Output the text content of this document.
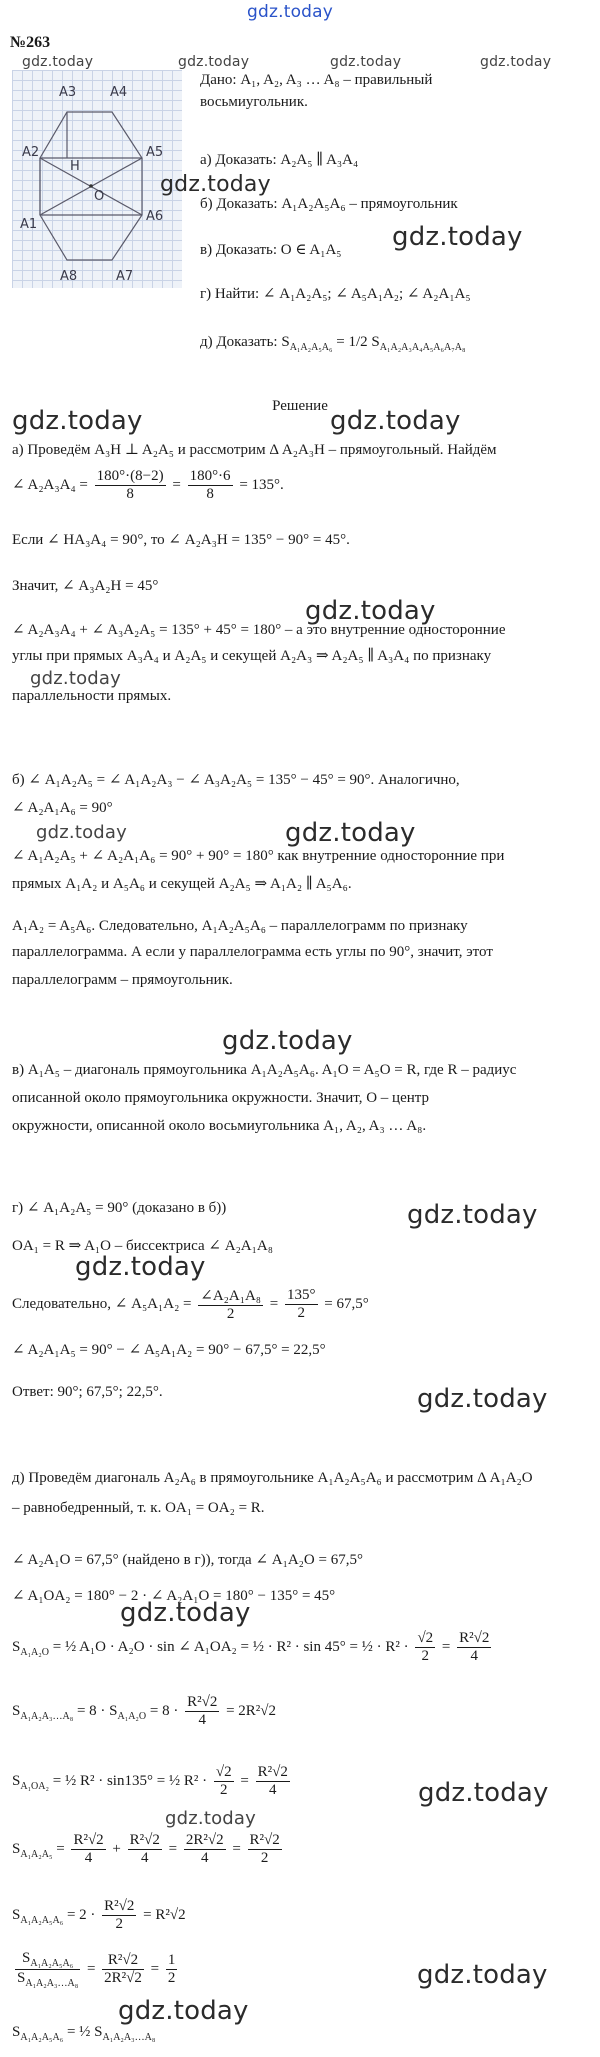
gdz.today
№263
gdz.today	gdz.today	gdz.today	gdz.today
A3	A4
A2	A5
A1
A6
A8	A7
H
O
Дано: A₁, A₂, A₃ … A₈ – правильный
восьмиугольник.
а) Доказать: A₂A₅ ∥ A₃A₄
gdz.today
б) Доказать: A₁A₂A₅A₆ – прямоугольник
в) Доказать: O ∈ A₁A₅ gdz.today
г) Найти: ∠ A₁A₂A₅; ∠ A₅A₁A₂; ∠ A₂A₁A₅
д) Доказать: $S_{A_1A_2A_5A_6} = 1/2$ $S_{A_1A_2A_3A_4A_5A_6A_7A_8}$
Решение
gdz.today	gdz.today
а) Проведём A₃H ⊥ A₂A₅ и рассмотрим Δ A₂A₃H – прямоугольный. Найдём
∠ $A_2A_3A_4 = \frac{180^\circ\cdot(8-2)}{8} = \frac{180^\circ\cdot 6}{8} = 135^\circ$.
Если ∠ HA₃A₄ = 90°, то ∠ A₂A₃H = 135° − 90° = 45°.
Значит, ∠ A₃A₂H = 45°
gdz.today
∠ A₂A₃A₄ + ∠ A₃A₂A₅ = 135° + 45° = 180° – а это внутренние односторонние
углы при прямых A₃A₄ и A₂A₅ и секущей A₂A₃ ⇒ A₂A₅ ∥ A₃A₄ по признаку
gdz.today
параллельности прямых.
б) ∠ A₁A₂A₅ = ∠ A₁A₂A₃ − ∠ A₃A₂A₅ = 135° − 45° = 90°. Аналогично,
∠ A₂A₁A₆ = 90°
gdz.today	gdz.today
∠ A₁A₂A₅ + ∠ A₂A₁A₆ = 90° + 90° = 180° как внутренние односторонние при
прямых A₁A₂ и A₅A₆ и секущей A₂A₅ ⇒ A₁A₂ ∥ A₅A₆.
A₁A₂ = A₅A₆. Следовательно, A₁A₂A₅A₆ – параллелограмм по признаку
параллелограмма. А если у параллелограмма есть углы по 90°, значит, этот
параллелограмм – прямоугольник.
gdz.today
в) A₁A₅ – диагональ прямоугольника A₁A₂A₅A₆. A₁O = A₅O = R, где R – радиус
описанной около прямоугольника окружности. Значит, O – центр
окружности, описанной около восьмиугольника A₁, A₂, A₃ … A₈.
г) ∠ A₁A₂A₅ = 90° (доказано в б))	gdz.today
OA₁ = R ⇒ A₁O – биссектриса ∠ A₂A₁A₈
gdz.today
Следовательно, ∠ $A_5A_1A_2 = \frac{\text{∠A₂A₁A₈}}{2} = \frac{135^\circ}{2} = 67,5^\circ$
∠ A₂A₁A₅ = 90° − ∠ A₅A₁A₂ = 90° − 67,5° = 22,5°
Ответ: 90°; 67,5°; 22,5°.	gdz.today
д) Проведём диагональ A₂A₆ в прямоугольнике A₁A₂A₅A₆ и рассмотрим Δ A₁A₂O
– равнобедренный, т. к. OA₁ = OA₂ = R.
∠ A₂A₁O = 67,5° (найдено в г)), тогда ∠ A₁A₂O = 67,5°
∠ A₁OA₂ = 180° − 2 · ∠ A₂A₁O = 180° − 135° = 45°
gdz.today
$S_{A_1A_2O}$ = ½ A₁O · A₂O · sin ∠ A₁OA₂ = ½ · R² · sin 45° = ½ · $R^2 \cdot \frac{√2}{2} = \frac{\text{R²√2}}{4}$
$S_{A_1A_2A_3\dots A_8} = 8 \cdot S_{A_1A_2O} = 8 \cdot \frac{\text{R²√2}}{4} = 2R^2√2$
$S_{A_1OA_2}$ = ½ R² · sin135° = ½ $R^2 \cdot \frac{√2}{2} = \frac{\text{R²√2}}{4}$	gdz.today
gdz.today
$S_{A_1A_2A_5} = \frac{\text{R²√2}}{4} + \frac{\text{R²√2}}{4} = \frac{\text{2R²√2}}{4} = \frac{\text{R²√2}}{2}$
$S_{A_1A_2A_5A_6} = 2 \cdot \frac{\text{R²√2}}{2} = R^2√2$
$\frac{S_{A_1A_2A_5A_6}}{S_{A_1A_2A_3\dots A_8}} = \frac{\text{R²√2}}{\text{2R²√2}} = \frac{1}{2}$	gdz.today
gdz.today
$S_{A_1A_2A_5A_6}$ = ½ $S_{A_1A_2A_3\dots A_8}$
